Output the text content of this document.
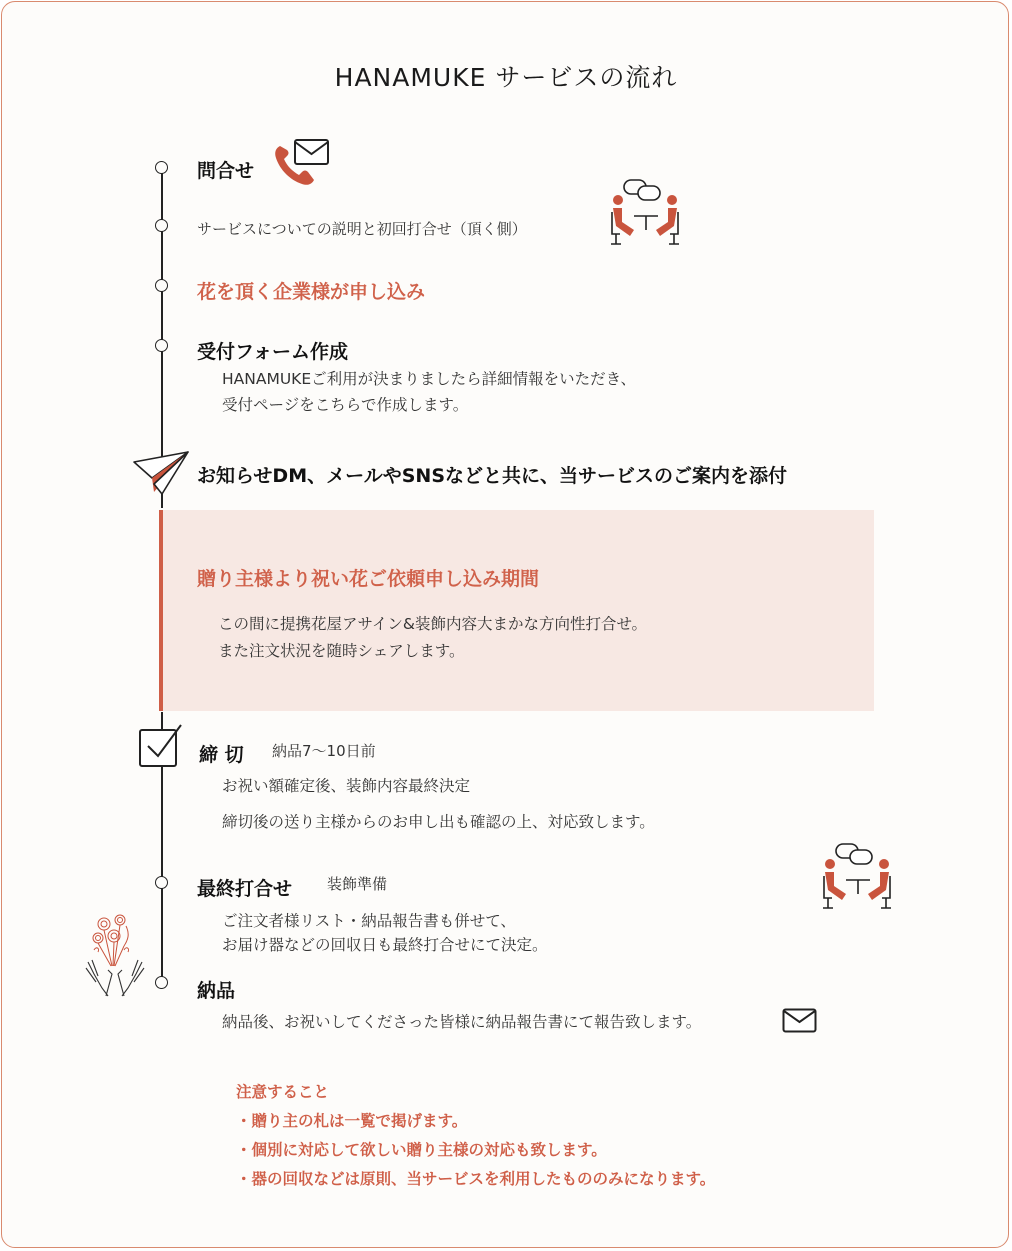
HANAMUKE サービスの流れ
問合せ
サービスについての説明と初回打合せ（頂く側）
花を頂く企業様が申し込み
受付フォーム作成
HANAMUKEご利用が決まりましたら詳細情報をいただき、
受付ページをこちらで作成します。
お知らせDM、メールやSNSなどと共に、当サービスのご案内を添付
贈り主様より祝い花ご依頼申し込み期間
この間に提携花屋アサイン&装飾内容大まかな方向性打合せ。
また注文状況を随時シェアします。
締 切 納品7〜10日前
お祝い額確定後、装飾内容最終決定
締切後の送り主様からのお申し出も確認の上、対応致します。
最終打合せ 装飾準備
ご注文者様リスト・納品報告書も併せて、
お届け器などの回収日も最終打合せにて決定。
納品
納品後、お祝いしてくださった皆様に納品報告書にて報告致します。
注意すること
・贈り主の札は一覧で掲げます。
・個別に対応して欲しい贈り主様の対応も致します。
・器の回収などは原則、当サービスを利用したもののみになります。
